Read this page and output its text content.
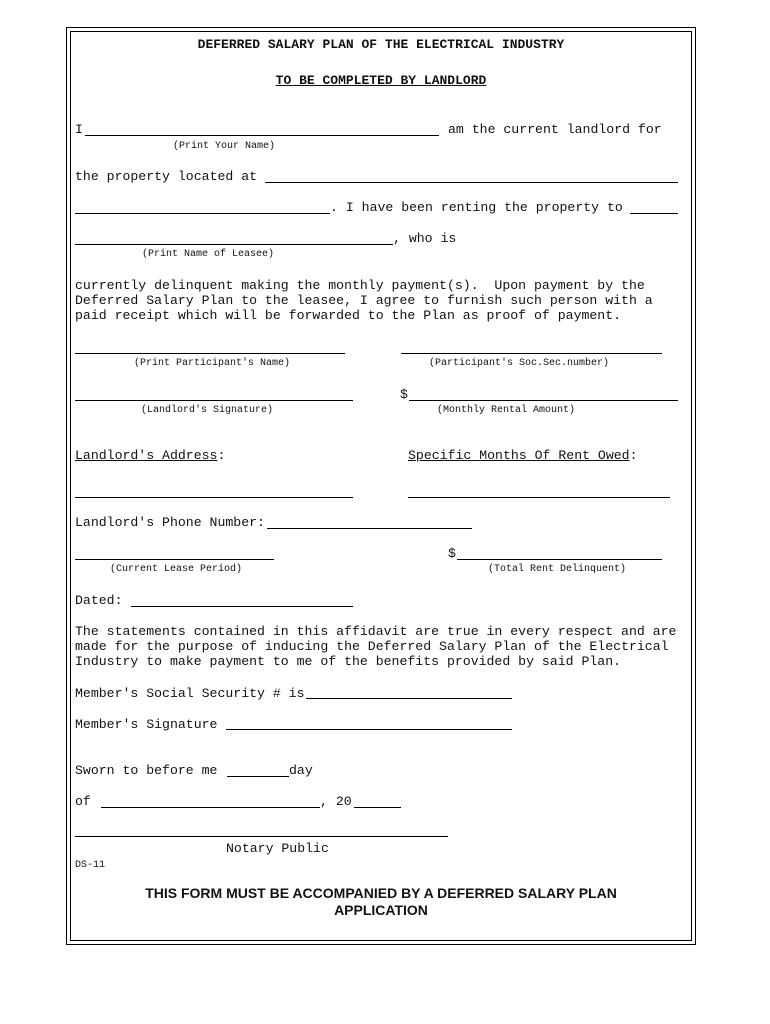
DEFERRED SALARY PLAN OF THE ELECTRICAL INDUSTRY
TO BE COMPLETED BY LANDLORD
I	am the current landlord for
(Print Your Name)
the property located at
. I have been renting the property to
, who is
(Print Name of Leasee)
currently delinquent making the monthly payment(s).  Upon payment by the
Deferred Salary Plan to the leasee, I agree to furnish such person with a
paid receipt which will be forwarded to the Plan as proof of payment.
(Print Participant's Name)	(Participant's Soc.Sec.number)
$
(Landlord's Signature)	(Monthly Rental Amount)
Landlord's Address:	Specific Months Of Rent Owed:
Landlord's Phone Number:
$
(Current Lease Period)	(Total Rent Delinquent)
Dated:
The statements contained in this affidavit are true in every respect and are
made for the purpose of inducing the Deferred Salary Plan of the Electrical
Industry to make payment to me of the benefits provided by said Plan.
Member's Social Security # is
Member's Signature
Sworn to before me	day
of	, 20
Notary Public
DS-11
THIS FORM MUST BE ACCOMPANIED BY A DEFERRED SALARY PLAN
APPLICATION
